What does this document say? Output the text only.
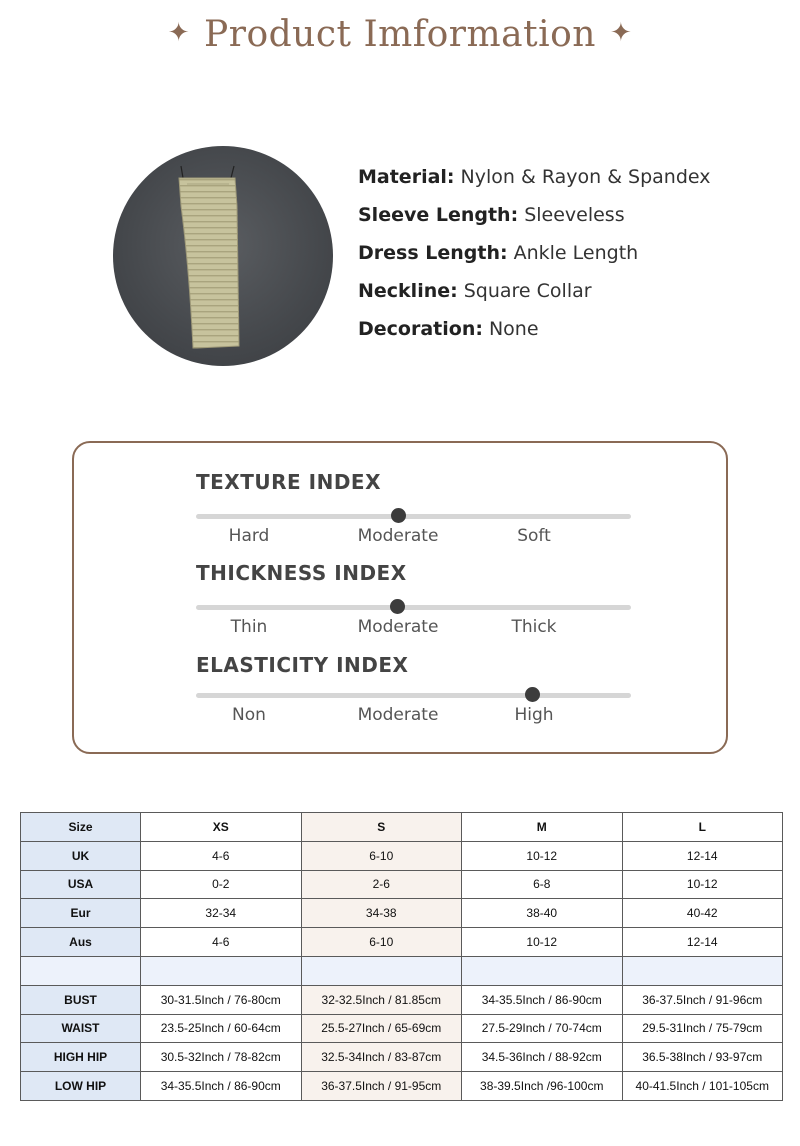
✦ Product Imformation ✦
Material: Nylon & Rayon & Spandex
Sleeve Length: Sleeveless
Dress Length: Ankle Length
Neckline: Square Collar
Decoration: None
TEXTURE INDEX
Hard	Moderate	Soft
THICKNESS INDEX
Thin	Moderate	Thick
ELASTICITY INDEX
Non	Moderate	High
Size	XS	S	M	L
UK	4-6	6-10	10-12	12-14
USA	0-2	2-6	6-8	10-12
Eur	32-34	34-38	38-40	40-42
Aus	4-6	6-10	10-12	12-14

BUST	30-31.5Inch / 76-80cm	32-32.5Inch / 81.85cm	34-35.5Inch / 86-90cm	36-37.5Inch / 91-96cm
WAIST	23.5-25Inch / 60-64cm	25.5-27Inch / 65-69cm	27.5-29Inch / 70-74cm	29.5-31Inch / 75-79cm
HIGH HIP	30.5-32Inch / 78-82cm	32.5-34Inch / 83-87cm	34.5-36Inch / 88-92cm	36.5-38Inch / 93-97cm
LOW HIP	34-35.5Inch / 86-90cm	36-37.5Inch / 91-95cm	38-39.5Inch /96-100cm	40-41.5Inch / 101-105cm
